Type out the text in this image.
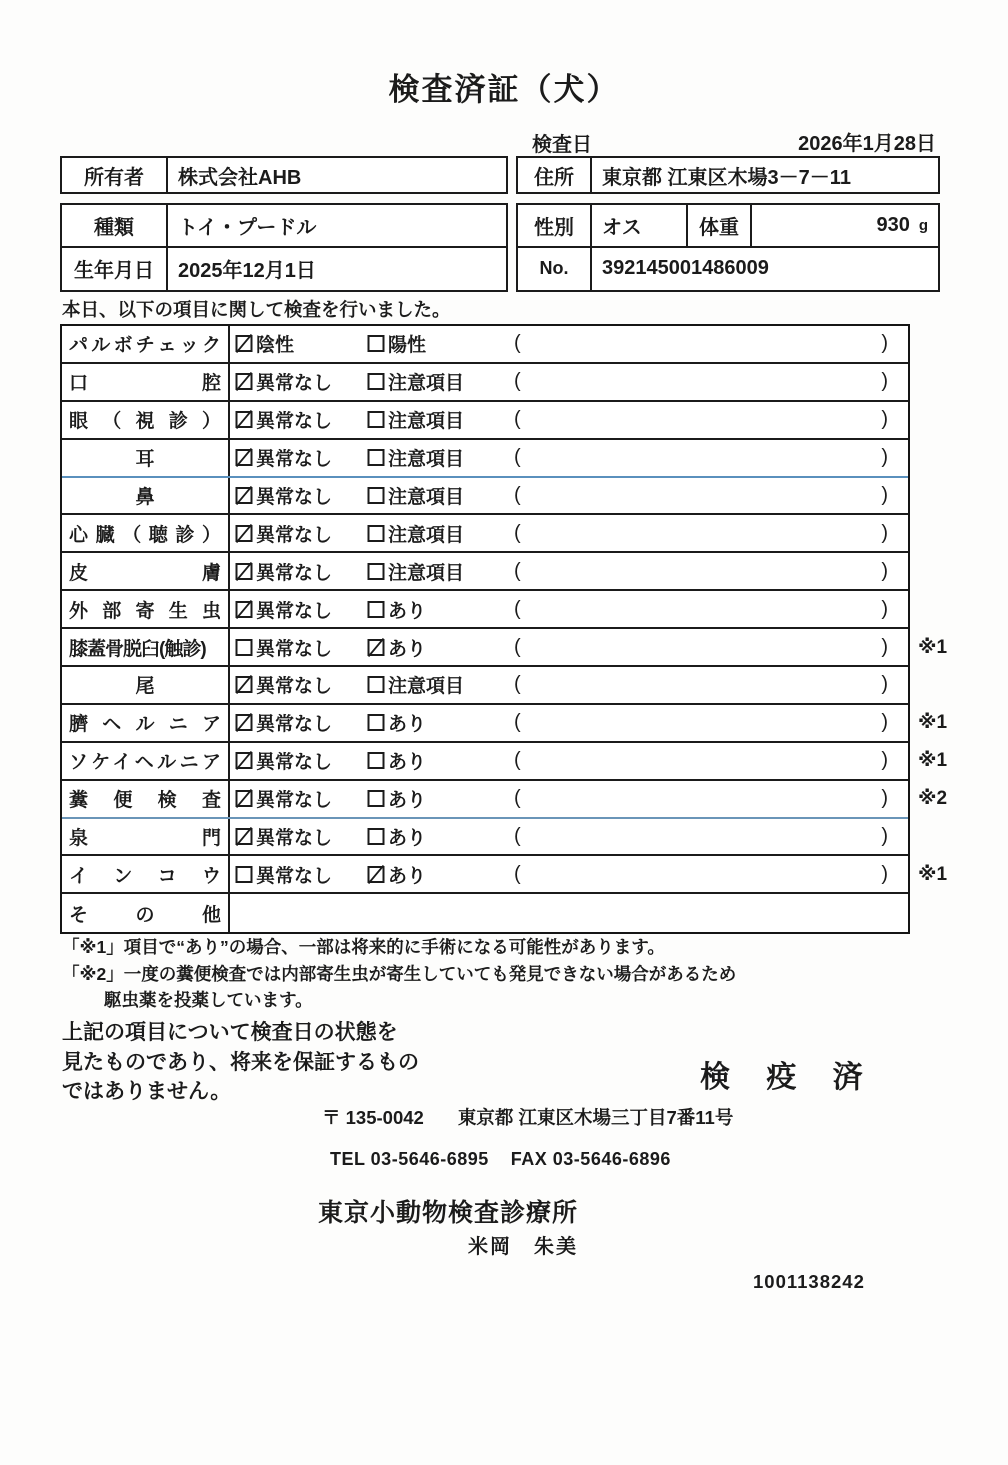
検査済証（犬）
検査日	2026年1月28日
所有者	株式会社AHB	住所	東京都 江東区木場3－7－11
種類	トイ・プードル
生年月日	2025年12月1日
性別	オス	体重	930 g
No.	392145001486009
本日、以下の項目に関して検査を行いました。
パルボチェック 陰性	陽性	(	)
口腔 異常なし	注意項目 (	)
眼（視診） 異常なし	注意項目 (	)
耳	異常なし	注意項目 (	)
鼻	異常なし	注意項目 (	)
心臓（聴診） 異常なし	注意項目 (	)
皮膚 異常なし	注意項目 (	)
外部寄生虫 異常なし	あり	(	)
膝蓋骨脱臼(触診)	異常なし	あり	(	) ※1
尾	異常なし	注意項目 (	)
臍ヘルニア 異常なし	あり	(	) ※1
ソケイヘルニア 異常なし	あり	(	) ※1
糞便検査 異常なし	あり	(	) ※2
泉門 異常なし	あり	(	)
インコウ 異常なし	あり	(	) ※1
その他
「※1」項目で“あり”の場合、一部は将来的に手術になる可能性があります。
「※2」一度の糞便検査では内部寄生虫が寄生していても発見できない場合があるため
駆虫薬を投薬しています。
上記の項目について検査日の状態を
見たものであり、将来を保証するもの
ではありません。	検 疫 済
〒 135-0042 東京都 江東区木場三丁目7番11号
TEL 03-5646-6895 FAX 03-5646-6896
東京小動物検査診療所
米岡　朱美
1001138242
